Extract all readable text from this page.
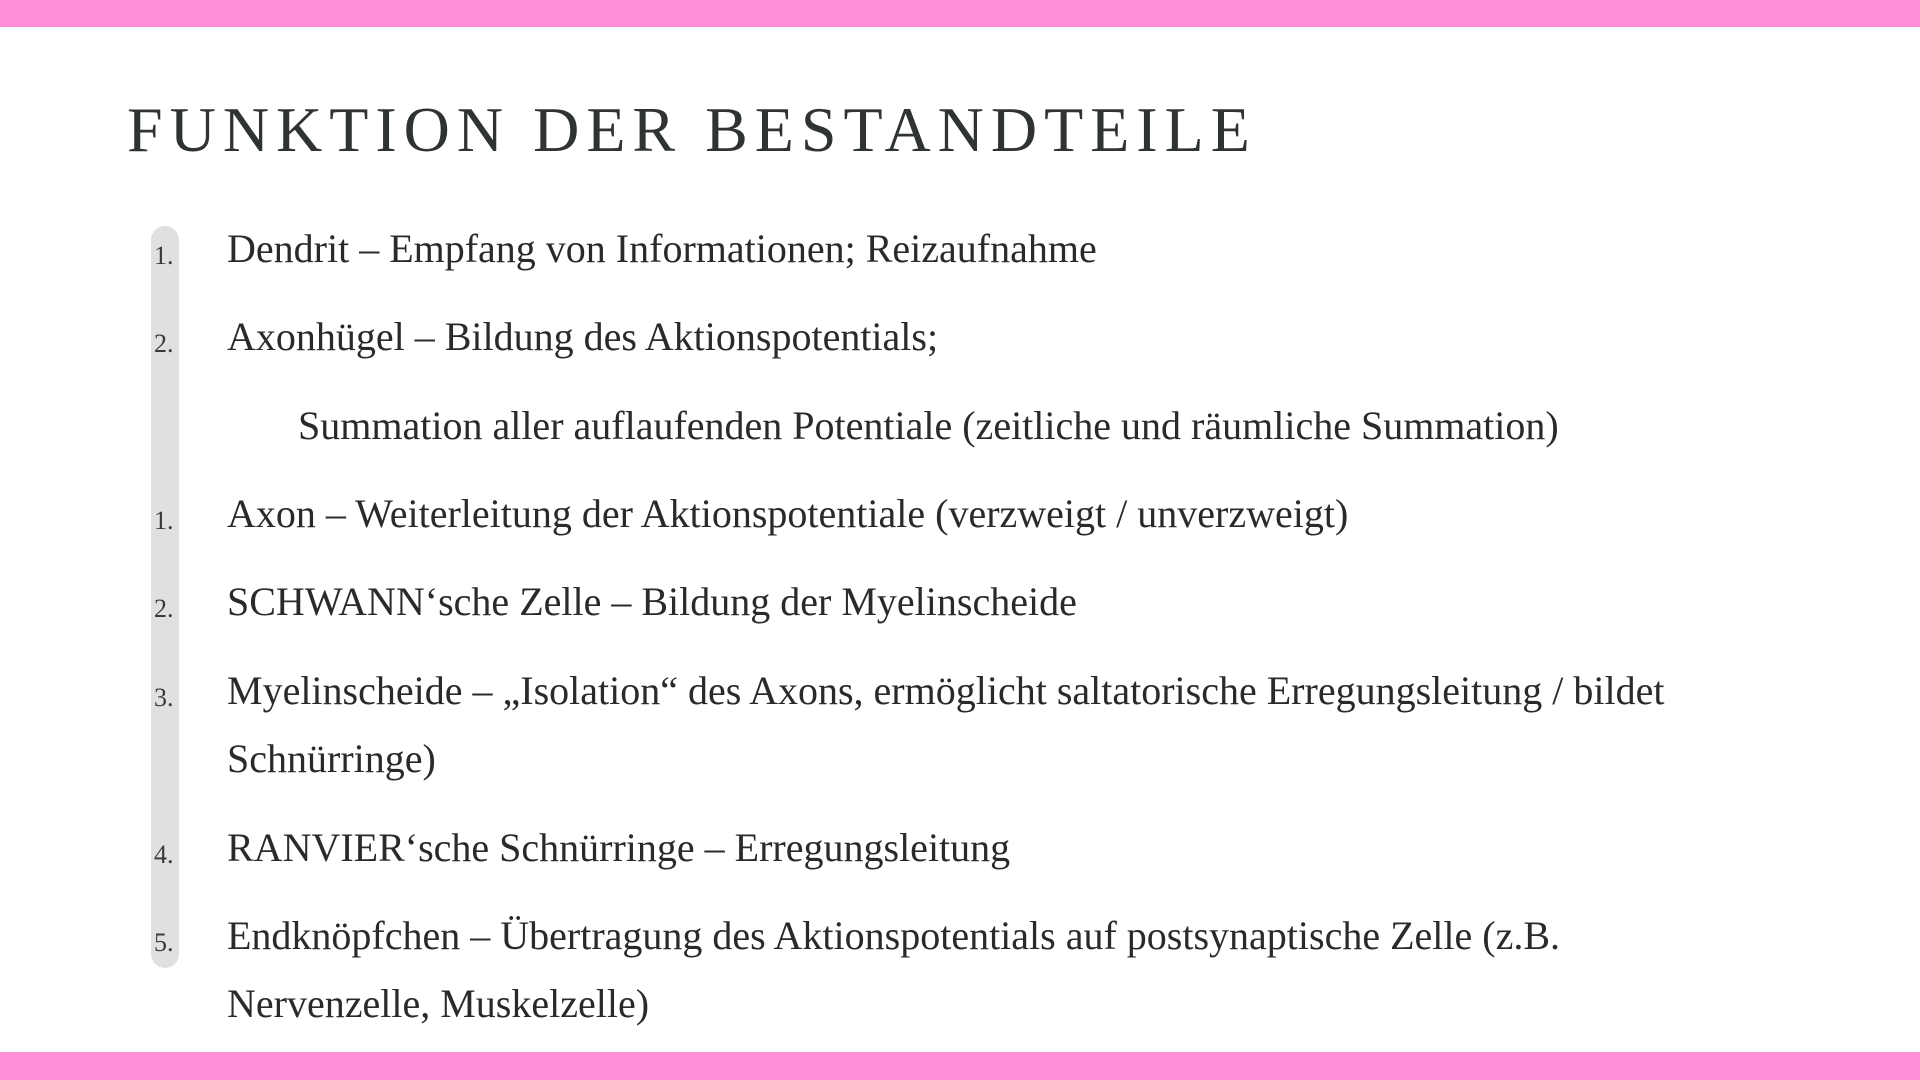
FUNKTION DER BESTANDTEILE
1. Dendrit – Empfang von Informationen; Reizaufnahme
2. Axonhügel – Bildung des Aktionspotentials;
Summation aller auflaufenden Potentiale (zeitliche und räumliche Summation)
1. Axon – Weiterleitung der Aktionspotentiale (verzweigt / unverzweigt)
2. SCHWANN‘sche Zelle – Bildung der Myelinscheide
3. Myelinscheide – „Isolation“ des Axons, ermöglicht saltatorische Erregungsleitung / bildet
Schnürringe)
4. RANVIER‘sche Schnürringe – Erregungsleitung
5. Endknöpfchen – Übertragung des Aktionspotentials auf postsynaptische Zelle (z.B.
Nervenzelle, Muskelzelle)
